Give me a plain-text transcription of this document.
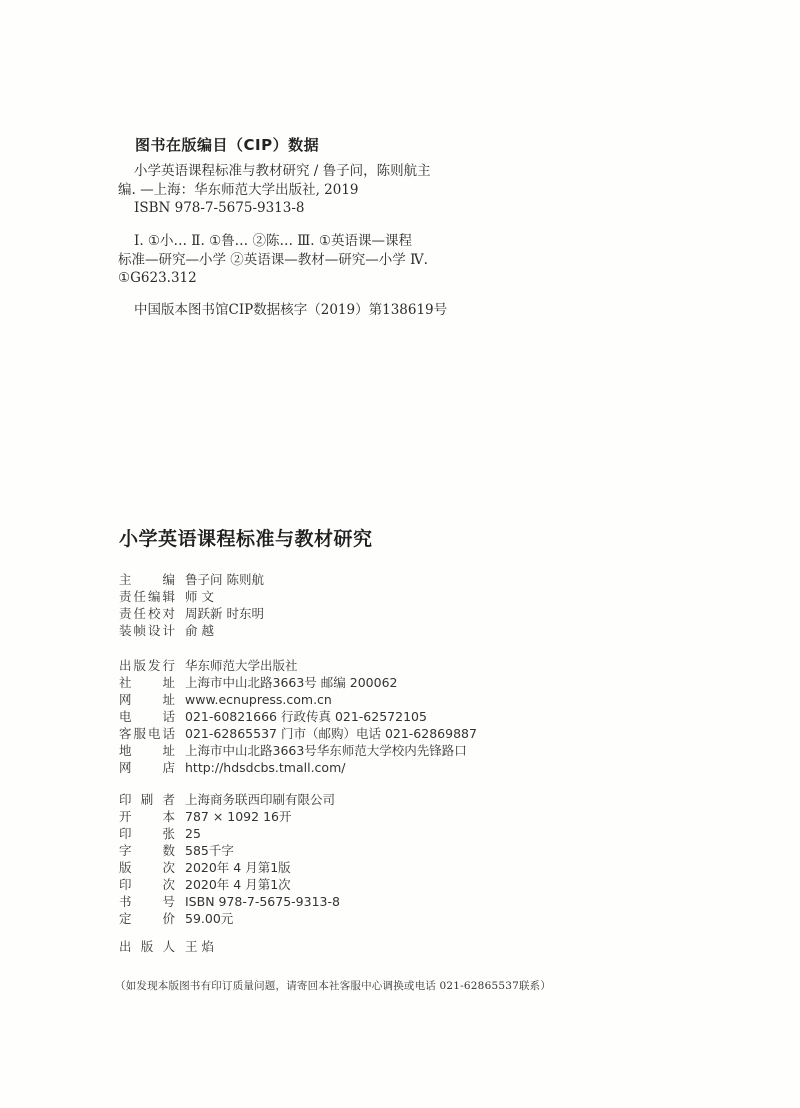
图书在版编目（CIP）数据

小学英语课程标准与教材研究 / 鲁子问，陈则航主

编. —上海：华东师范大学出版社, 2019

ISBN 978-7-5675-9313-8

Ⅰ. ①小… Ⅱ. ①鲁… ②陈… Ⅲ. ①英语课—课程

标准—研究—小学 ②英语课—教材—研究—小学 Ⅳ.
①G623.312
中国版本图书馆CIP数据核字（2019）第138619号
小学英语课程标准与教材研究
主 编 鲁子问 陈则航
责 任 编 辑 师 文
责 任 校 对 周跃新 时东明
装 帧 设 计 俞 越
出 版 发 行 华东师范大学出版社
社 址 上海市中山北路3663号 邮编 200062
网 址 www.ecnupress.com.cn
电 话 021-60821666 行政传真 021-62572105
客 服 电 话 021-62865537 门市（邮购）电话 021-62869887
地 址 上海市中山北路3663号华东师范大学校内先锋路口
网 店 http://hdsdcbs.tmall.com/
印 刷 者 上海商务联西印刷有限公司
开 本 787 × 1092 16开
印 张 25
字 数 585千字
版 次 2020年 4 月第1版
印 次 2020年 4 月第1次
书 号 ISBN 978-7-5675-9313-8
定 价 59.00元
出 版 人 王 焰
（如发现本版图书有印订质量问题，请寄回本社客服中心调换或电话 021-62865537联系）
